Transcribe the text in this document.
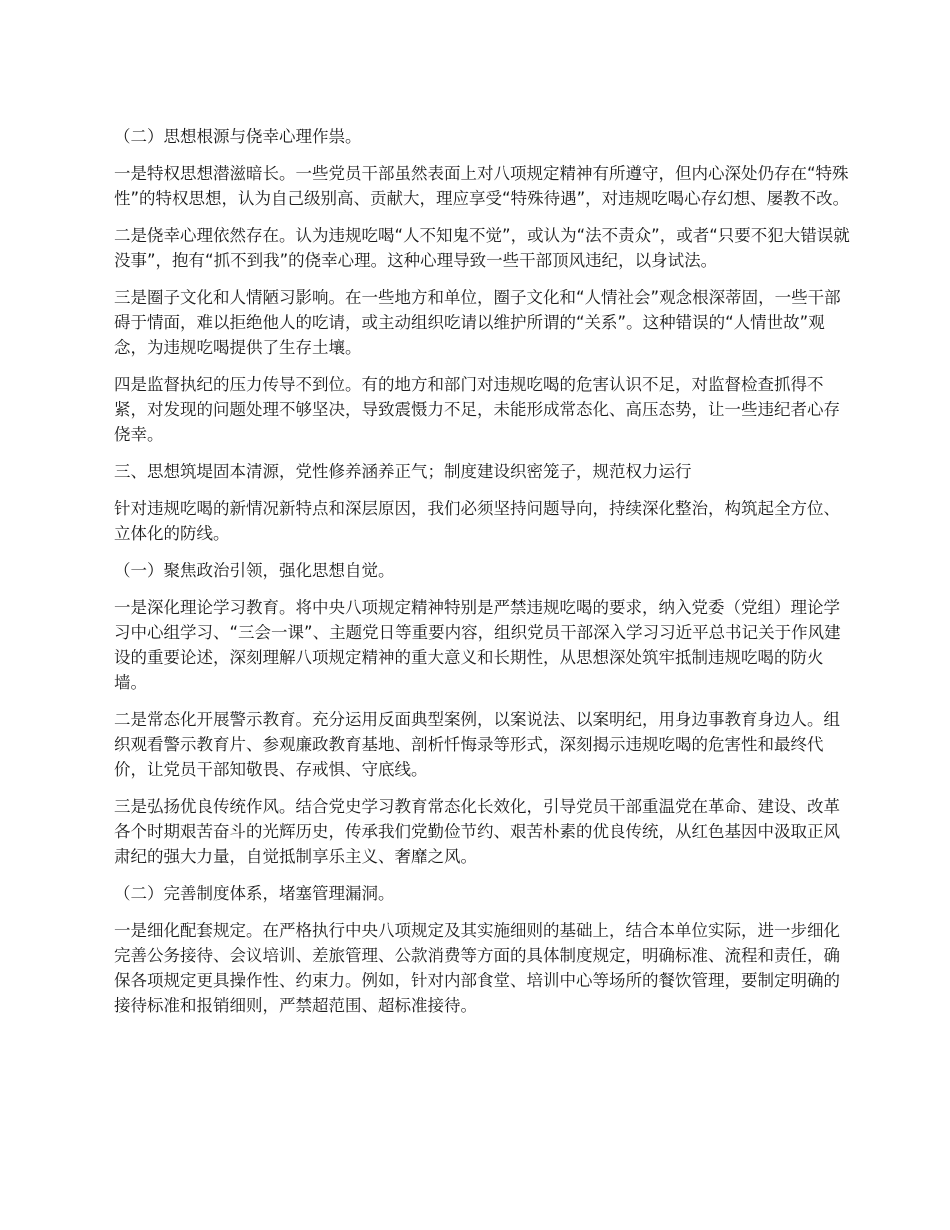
（二）思想根源与侥幸心理作祟。

一是特权思想潜滋暗长。一些党员干部虽然表面上对八项规定精神有所遵守，但内心深处仍存在“特殊性”的特权思想，认为自己级别高、贡献大，理应享受“特殊待遇”，对违规吃喝心存幻想、屡教不改。

二是侥幸心理依然存在。认为违规吃喝“人不知鬼不觉”，或认为“法不责众”，或者“只要不犯大错误就没事”，抱有“抓不到我”的侥幸心理。这种心理导致一些干部顶风违纪，以身试法。

三是圈子文化和人情陋习影响。在一些地方和单位，圈子文化和“人情社会”观念根深蒂固，一些干部碍于情面，难以拒绝他人的吃请，或主动组织吃请以维护所谓的“关系”。这种错误的“人情世故”观念，为违规吃喝提供了生存土壤。

四是监督执纪的压力传导不到位。有的地方和部门对违规吃喝的危害认识不足，对监督检查抓得不紧，对发现的问题处理不够坚决，导致震慑力不足，未能形成常态化、高压态势，让一些违纪者心存侥幸。

三、思想筑堤固本清源，党性修养涵养正气；制度建设织密笼子，规范权力运行

针对违规吃喝的新情况新特点和深层原因，我们必须坚持问题导向，持续深化整治，构筑起全方位、立体化的防线。

（一）聚焦政治引领，强化思想自觉。

一是深化理论学习教育。将中央八项规定精神特别是严禁违规吃喝的要求，纳入党委（党组）理论学习中心组学习、“三会一课”、主题党日等重要内容，组织党员干部深入学习习近平总书记关于作风建设的重要论述，深刻理解八项规定精神的重大意义和长期性，从思想深处筑牢抵制违规吃喝的防火墙。

二是常态化开展警示教育。充分运用反面典型案例，以案说法、以案明纪，用身边事教育身边人。组织观看警示教育片、参观廉政教育基地、剖析忏悔录等形式，深刻揭示违规吃喝的危害性和最终代价，让党员干部知敬畏、存戒惧、守底线。

三是弘扬优良传统作风。结合党史学习教育常态化长效化，引导党员干部重温党在革命、建设、改革各个时期艰苦奋斗的光辉历史，传承我们党勤俭节约、艰苦朴素的优良传统，从红色基因中汲取正风肃纪的强大力量，自觉抵制享乐主义、奢靡之风。

（二）完善制度体系，堵塞管理漏洞。

一是细化配套规定。在严格执行中央八项规定及其实施细则的基础上，结合本单位实际，进一步细化完善公务接待、会议培训、差旅管理、公款消费等方面的具体制度规定，明确标准、流程和责任，确保各项规定更具操作性、约束力。例如，针对内部食堂、培训中心等场所的餐饮管理，要制定明确的接待标准和报销细则，严禁超范围、超标准接待。
